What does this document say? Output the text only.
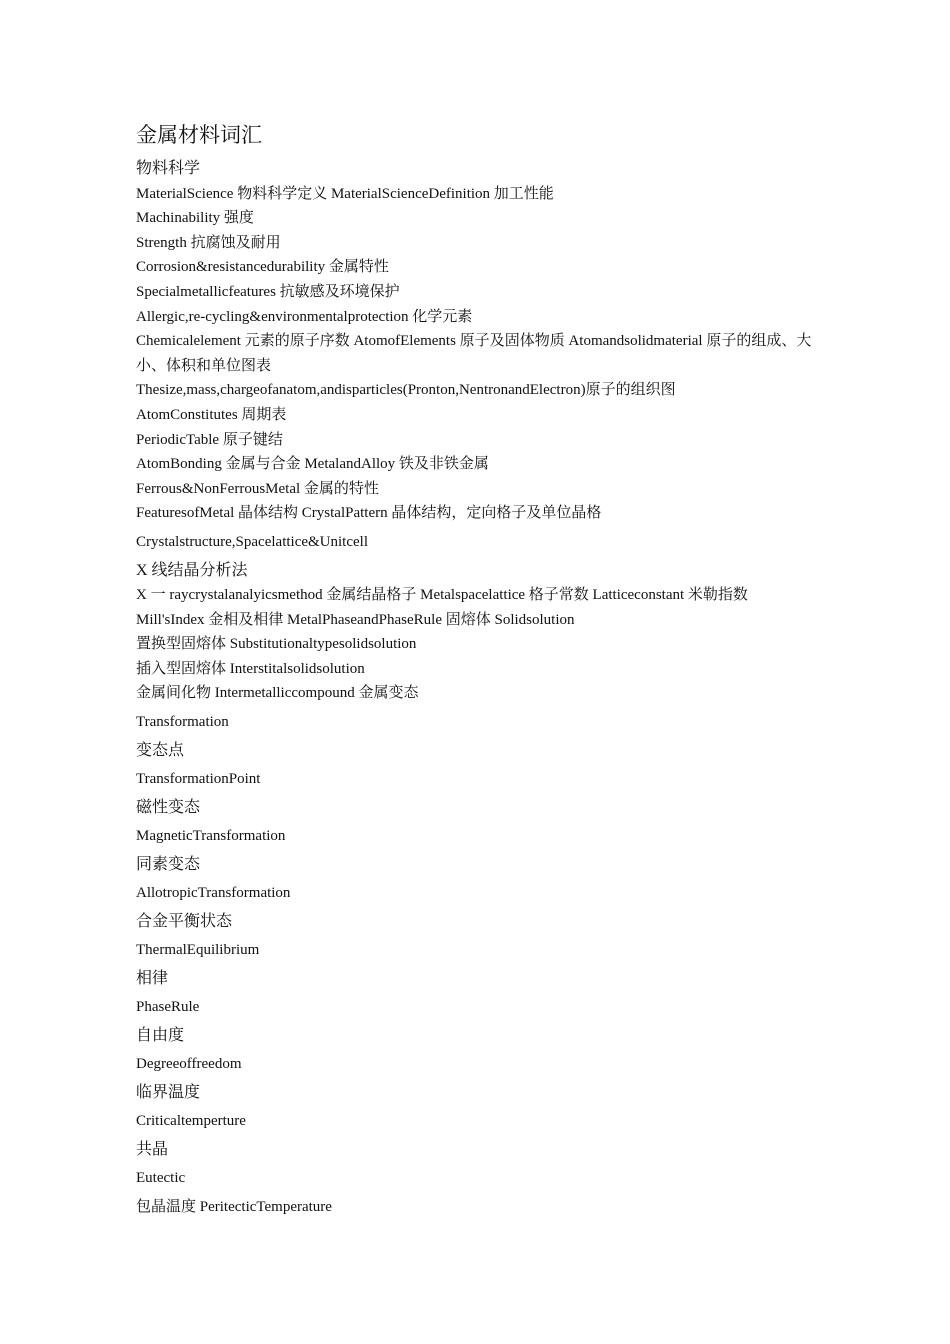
金属材料词汇

物料科学

MaterialScience 物料科学定义 MaterialScienceDefinition 加工性能

Machinability 强度

Strength 抗腐蚀及耐用

Corrosion&resistancedurability 金属特性

Specialmetallicfeatures 抗敏感及环境保护

Allergic,re-cycling&environmentalprotection 化学元素

Chemicalelement 元素的原子序数 AtomofElements 原子及固体物质 Atomandsolidmaterial 原子的组成、大小、体积和单位图表

Thesize,mass,chargeofanatom,andisparticles(Pronton,NentronandElectron)原子的组织图

AtomConstitutes 周期表

PeriodicTable 原子键结

AtomBonding 金属与合金 MetalandAlloy 铁及非铁金属

Ferrous&NonFerrousMetal 金属的特性

FeaturesofMetal 晶体结构 CrystalPattern 晶体结构，定向格子及单位晶格

Crystalstructure,Spacelattice&Unitcell

X 线结晶分析法

X 一 raycrystalanalyicsmethod 金属结晶格子 Metalspacelattice 格子常数 Latticeconstant 米勒指数

Mill'sIndex 金相及相律 MetalPhaseandPhaseRule 固熔体 Solidsolution

置换型固熔体 Substitutionaltypesolidsolution

插入型固熔体 Interstitalsolidsolution

金属间化物 Intermetalliccompound 金属变态

Transformation

变态点

TransformationPoint

磁性变态

MagneticTransformation

同素变态

AllotropicTransformation

合金平衡状态

ThermalEquilibrium

相律

PhaseRule

自由度

Degreeoffreedom

临界温度

Criticaltemperture

共晶

Eutectic

包晶温度 PeritecticTemperature
